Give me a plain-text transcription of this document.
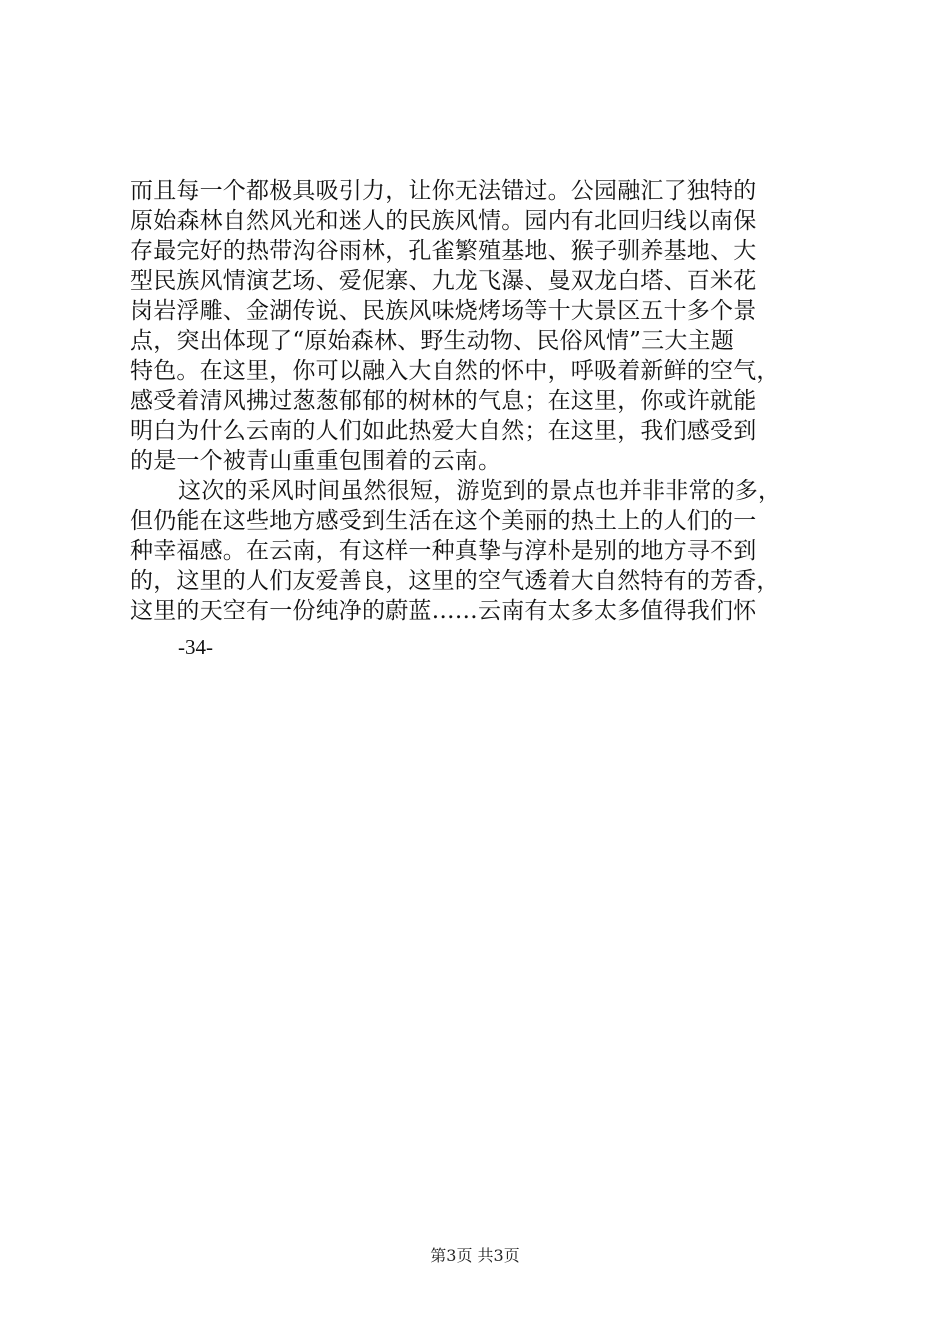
而且每一个都极具吸引力，让你无法错过。公园融汇了独特的
原始森林自然风光和迷人的民族风情。园内有北回归线以南保
存最完好的热带沟谷雨林，孔雀繁殖基地、猴子驯养基地、大
型民族风情演艺场、爱伲寨、九龙飞瀑、曼双龙白塔、百米花
岗岩浮雕、金湖传说、民族风味烧烤场等十大景区五十多个景
点，突出体现了“原始森林、野生动物、民俗风情”三大主题
特色。在这里，你可以融入大自然的怀中，呼吸着新鲜的空气，
感受着清风拂过葱葱郁郁的树林的气息；在这里，你或许就能
明白为什么云南的人们如此热爱大自然；在这里，我们感受到
的是一个被青山重重包围着的云南。
这次的采风时间虽然很短，游览到的景点也并非非常的多，
但仍能在这些地方感受到生活在这个美丽的热土上的人们的一
种幸福感。在云南，有这样一种真挚与淳朴是别的地方寻不到
的，这里的人们友爱善良，这里的空气透着大自然特有的芳香，
这里的天空有一份纯净的蔚蓝……云南有太多太多值得我们怀
-34-
第3页 共3页
